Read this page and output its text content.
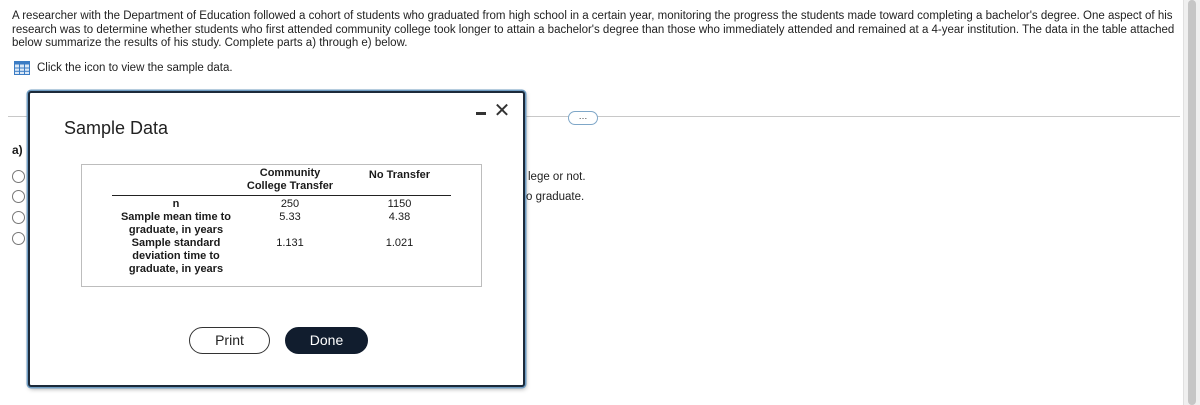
A researcher with the Department of Education followed a cohort of students who graduated from high school in a certain year, monitoring the progress the students made toward completing a bachelor's degree. One aspect of his research was to determine whether students who first attended community college took longer to attain a bachelor's degree than those who immediately attended and remained at a 4-year institution. The data in the table attached below summarize the results of his study. Complete parts a) through e) below.
Click the icon to view the sample data.
…
a)
lege or not.
o graduate.
Sample Data
✕

	Community
College Transfer	No Transfer
n	250	1150

Sample mean time to
graduate, in years	5.33	4.38

Sample standard
deviation time to
graduate, in years	1.131	1.021
Print	Done
